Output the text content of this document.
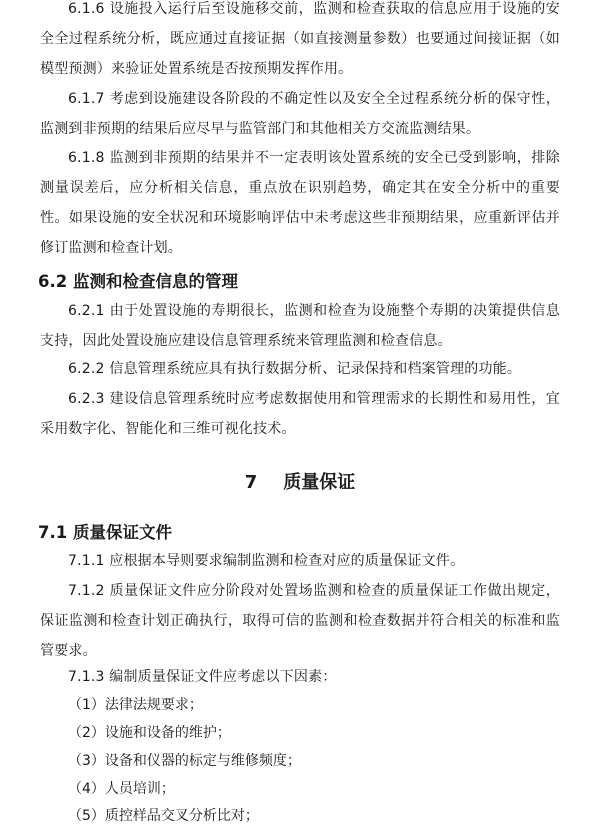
6.1.6 设施投入运行后至设施移交前，监测和检查获取的信息应用于设施的安全全过程系统分析，既应通过直接证据（如直接测量参数）也要通过间接证据（如模型预测）来验证处置系统是否按预期发挥作用。

6.1.7 考虑到设施建设各阶段的不确定性以及安全全过程系统分析的保守性，监测到非预期的结果后应尽早与监管部门和其他相关方交流监测结果。

6.1.8 监测到非预期的结果并不一定表明该处置系统的安全已受到影响，排除测量误差后，应分析相关信息，重点放在识别趋势，确定其在安全分析中的重要性。如果设施的安全状况和环境影响评估中未考虑这些非预期结果，应重新评估并修订监测和检查计划。

6.2 监测和检查信息的管理

6.2.1 由于处置设施的寿期很长，监测和检查为设施整个寿期的决策提供信息支持，因此处置设施应建设信息管理系统来管理监测和检查信息。

6.2.2 信息管理系统应具有执行数据分析、记录保持和档案管理的功能。

6.2.3 建设信息管理系统时应考虑数据使用和管理需求的长期性和易用性，宜采用数字化、智能化和三维可视化技术。

7 质量保证
7.1 质量保证文件

7.1.1 应根据本导则要求编制监测和检查对应的质量保证文件。

7.1.2 质量保证文件应分阶段对处置场监测和检查的质量保证工作做出规定，保证监测和检查计划正确执行，取得可信的监测和检查数据并符合相关的标准和监管要求。

7.1.3 编制质量保证文件应考虑以下因素：

（1）法律法规要求；
（2）设施和设备的维护；
（3）设备和仪器的标定与维修频度；
（4）人员培训；
（5）质控样品交叉分析比对；
